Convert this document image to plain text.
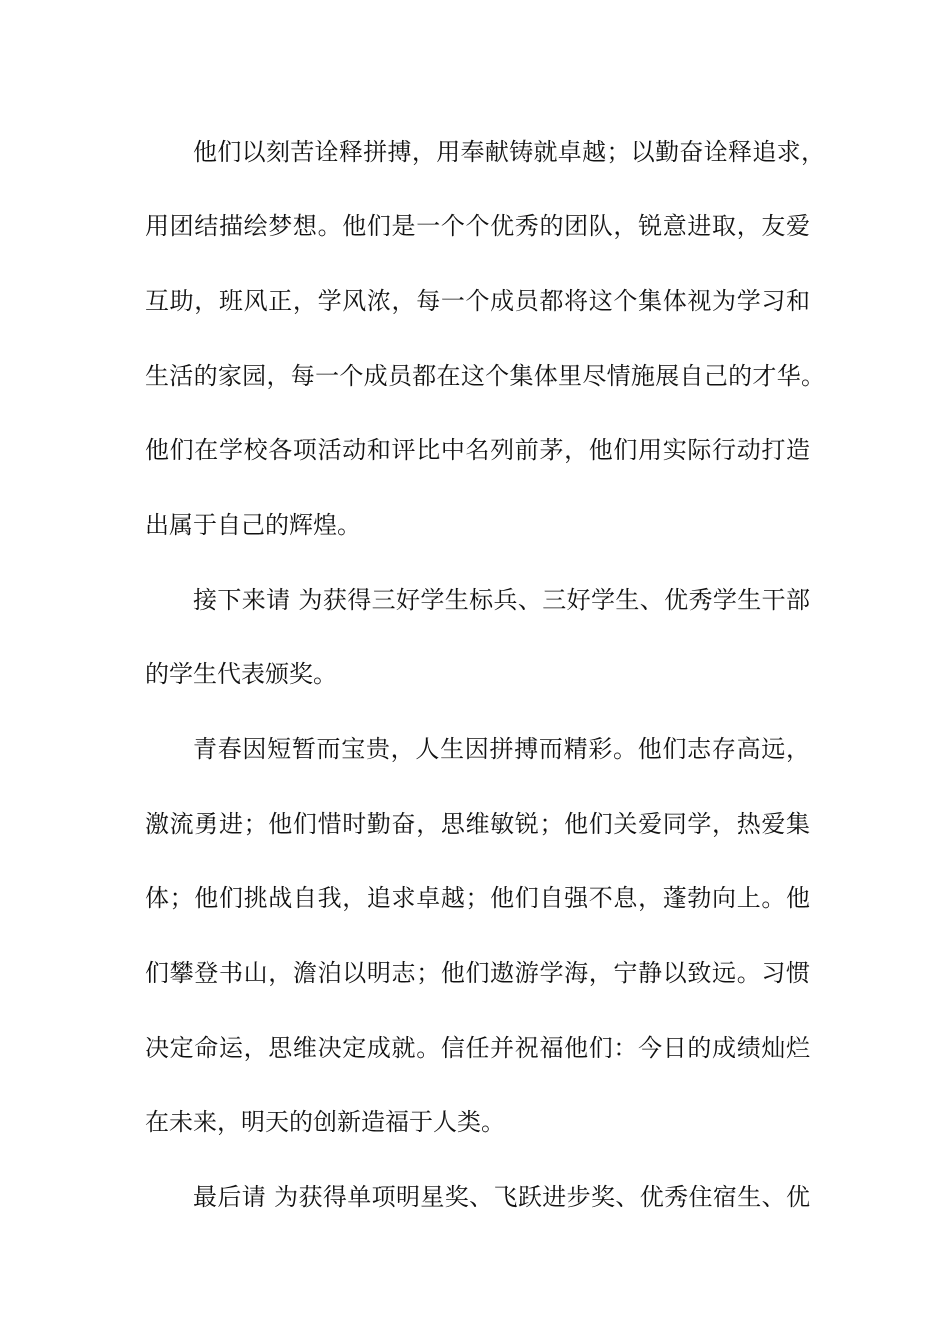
他们以刻苦诠释拼搏，用奉献铸就卓越；以勤奋诠释追求，
用团结描绘梦想。他们是一个个优秀的团队，锐意进取，友爱
互助，班风正，学风浓，每一个成员都将这个集体视为学习和
生活的家园，每一个成员都在这个集体里尽情施展自己的才华。
他们在学校各项活动和评比中名列前茅，他们用实际行动打造
出属于自己的辉煌。
接下来请 为获得三好学生标兵、三好学生、优秀学生干部
的学生代表颁奖。
青春因短暂而宝贵，人生因拼搏而精彩。他们志存高远，
激流勇进；他们惜时勤奋，思维敏锐；他们关爱同学，热爱集
体；他们挑战自我，追求卓越；他们自强不息，蓬勃向上。他
们攀登书山，澹泊以明志；他们遨游学海，宁静以致远。习惯
决定命运，思维决定成就。信任并祝福他们：今日的成绩灿烂
在未来，明天的创新造福于人类。
最后请 为获得单项明星奖、飞跃进步奖、优秀住宿生、优
